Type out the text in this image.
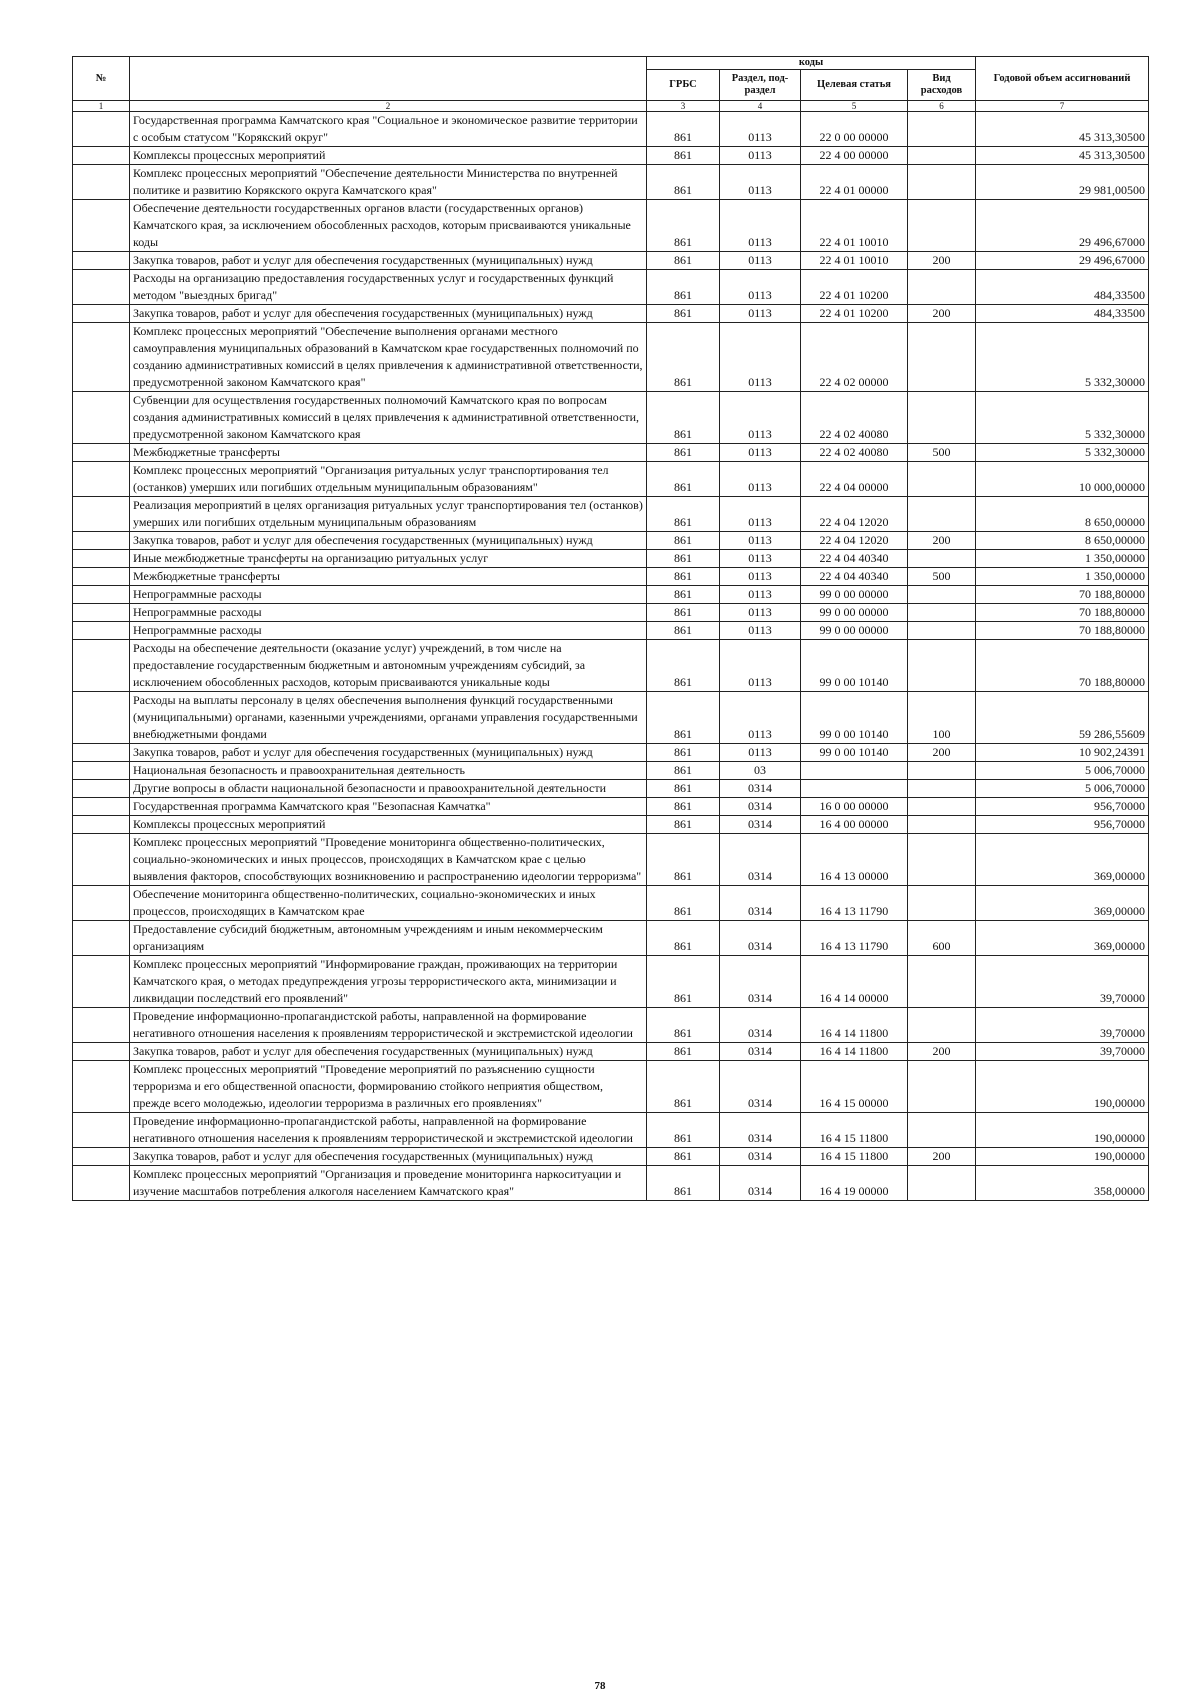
№		коды				Годовой объем ассигнований
		ГРБС	Раздел, под-раздел	Целевая статья	Вид расходов	
1	2	3	4	5	6	7
	Государственная программа Камчатского края "Социальное и экономическое развитие территории с особым статусом "Корякский округ"	861	0113	22 0 00 00000		45 313,30500
	Комплексы процессных мероприятий	861	0113	22 4 00 00000		45 313,30500
	Комплекс процессных мероприятий "Обеспечение деятельности Министерства по внутренней политике и развитию Корякского округа Камчатского края"	861	0113	22 4 01 00000		29 981,00500
	Обеспечение деятельности государственных органов власти (государственных органов) Камчатского края, за исключением обособленных расходов, которым присваиваются уникальные коды	861	0113	22 4 01 10010		29 496,67000
	Закупка товаров, работ и услуг для обеспечения государственных (муниципальных) нужд	861	0113	22 4 01 10010	200	29 496,67000
	Расходы на организацию предоставления государственных услуг и государственных функций методом "выездных бригад"	861	0113	22 4 01 10200		484,33500
	Закупка товаров, работ и услуг для обеспечения государственных (муниципальных) нужд	861	0113	22 4 01 10200	200	484,33500
	Комплекс процессных мероприятий "Обеспечение выполнения органами местного самоуправления муниципальных образований в Камчатском крае государственных полномочий по созданию административных комиссий в целях привлечения к административной ответственности, предусмотренной законом Камчатского края"	861	0113	22 4 02 00000		5 332,30000
	Субвенции для осуществления государственных полномочий Камчатского края по вопросам создания административных комиссий в целях привлечения к административной ответственности, предусмотренной законом Камчатского края	861	0113	22 4 02 40080		5 332,30000
	Межбюджетные трансферты	861	0113	22 4 02 40080	500	5 332,30000
	Комплекс процессных мероприятий "Организация ритуальных услуг транспортирования тел (останков) умерших или погибших отдельным муниципальным образованиям"	861	0113	22 4 04 00000		10 000,00000
	Реализация мероприятий в целях организация ритуальных услуг транспортирования тел (останков) умерших или погибших отдельным муниципальным образованиям	861	0113	22 4 04 12020		8 650,00000
	Закупка товаров, работ и услуг для обеспечения государственных (муниципальных) нужд	861	0113	22 4 04 12020	200	8 650,00000
	Иные межбюджетные трансферты на организацию ритуальных услуг	861	0113	22 4 04 40340		1 350,00000
	Межбюджетные трансферты	861	0113	22 4 04 40340	500	1 350,00000
	Непрограммные расходы	861	0113	99 0 00 00000		70 188,80000
	Непрограммные расходы	861	0113	99 0 00 00000		70 188,80000
	Непрограммные расходы	861	0113	99 0 00 00000		70 188,80000
	Расходы на обеспечение деятельности (оказание услуг) учреждений, в том числе на предоставление государственным бюджетным и автономным учреждениям субсидий, за исключением обособленных расходов, которым присваиваются уникальные коды	861	0113	99 0 00 10140		70 188,80000
	Расходы на выплаты персоналу в целях обеспечения выполнения функций государственными (муниципальными) органами, казенными учреждениями, органами управления государственными внебюджетными фондами	861	0113	99 0 00 10140	100	59 286,55609
	Закупка товаров, работ и услуг для обеспечения государственных (муниципальных) нужд	861	0113	99 0 00 10140	200	10 902,24391
	Национальная безопасность и правоохранительная деятельность	861	03			5 006,70000
	Другие вопросы в области национальной безопасности и правоохранительной деятельности	861	0314			5 006,70000
	Государственная программа Камчатского края "Безопасная Камчатка"	861	0314	16 0 00 00000		956,70000
	Комплексы процессных мероприятий	861	0314	16 4 00 00000		956,70000
	Комплекс процессных мероприятий "Проведение мониторинга общественно-политических, социально-экономических и иных процессов, происходящих в Камчатском крае с целью выявления факторов, способствующих возникновению и распространению идеологии терроризма"	861	0314	16 4 13 00000		369,00000
	Обеспечение мониторинга общественно-политических, социально-экономических и иных процессов, происходящих в Камчатском крае	861	0314	16 4 13 11790		369,00000
	Предоставление субсидий бюджетным, автономным учреждениям и иным некоммерческим организациям	861	0314	16 4 13 11790	600	369,00000
	Комплекс процессных мероприятий "Информирование граждан, проживающих на территории Камчатского края, о методах предупреждения угрозы террористического акта, минимизации и ликвидации последствий его проявлений"	861	0314	16 4 14 00000		39,70000
	Проведение информационно-пропагандистской работы, направленной на формирование негативного отношения населения к проявлениям террористической и экстремистской идеологии	861	0314	16 4 14 11800		39,70000
	Закупка товаров, работ и услуг для обеспечения государственных (муниципальных) нужд	861	0314	16 4 14 11800	200	39,70000
	Комплекс процессных мероприятий "Проведение мероприятий по разъяснению сущности терроризма и его общественной опасности, формированию стойкого неприятия обществом, прежде всего молодежью, идеологии терроризма в различных его проявлениях"	861	0314	16 4 15 00000		190,00000
	Проведение информационно-пропагандистской работы, направленной на формирование негативного отношения населения к проявлениям террористической и экстремистской идеологии	861	0314	16 4 15 11800		190,00000
	Закупка товаров, работ и услуг для обеспечения государственных (муниципальных) нужд	861	0314	16 4 15 11800	200	190,00000
	Комплекс процессных мероприятий "Организация и проведение мониторинга наркоситуации и изучение масштабов потребления алкоголя населением Камчатского края"	861	0314	16 4 19 00000		358,00000
78
